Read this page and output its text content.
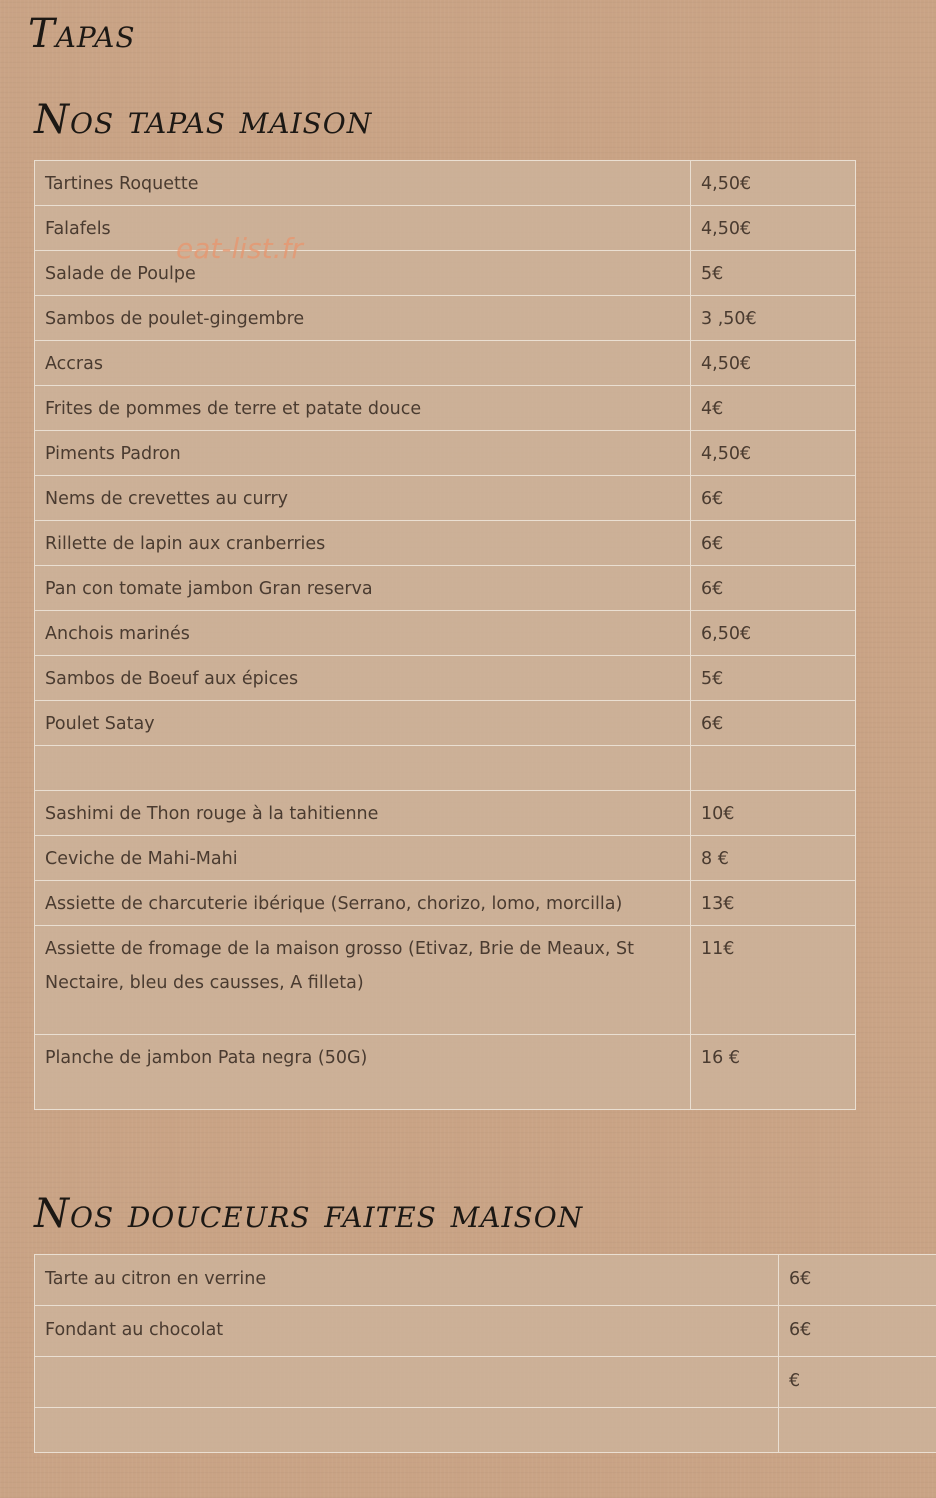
Tapas
Nos tapas maison
Tartines Roquette	4,50€
Falafels	4,50€
Salade de Poulpe	5€
Sambos de poulet-gingembre	3 ,50€
Accras	4,50€
Frites de pommes de terre et patate douce	4€
Piments Padron	4,50€
Nems de crevettes au curry	6€
Rillette de lapin aux cranberries	6€
Pan con tomate jambon Gran reserva	6€
Anchois marinés	6,50€
Sambos de Boeuf aux épices	5€
Poulet Satay	6€

Sashimi de Thon rouge à la tahitienne	10€
Ceviche de Mahi-Mahi	8 €
Assiette de charcuterie ibérique (Serrano, chorizo, lomo, morcilla)	13€
Assiette de fromage de la maison grosso (Etivaz, Brie de Meaux, St Nectaire, bleu des causses, A filleta)	11€
Planche de jambon Pata negra (50G)	16 €
eat-list.fr
Nos douceurs faites maison
Tarte au citron en verrine	6€
Fondant au chocolat	6€
	€
